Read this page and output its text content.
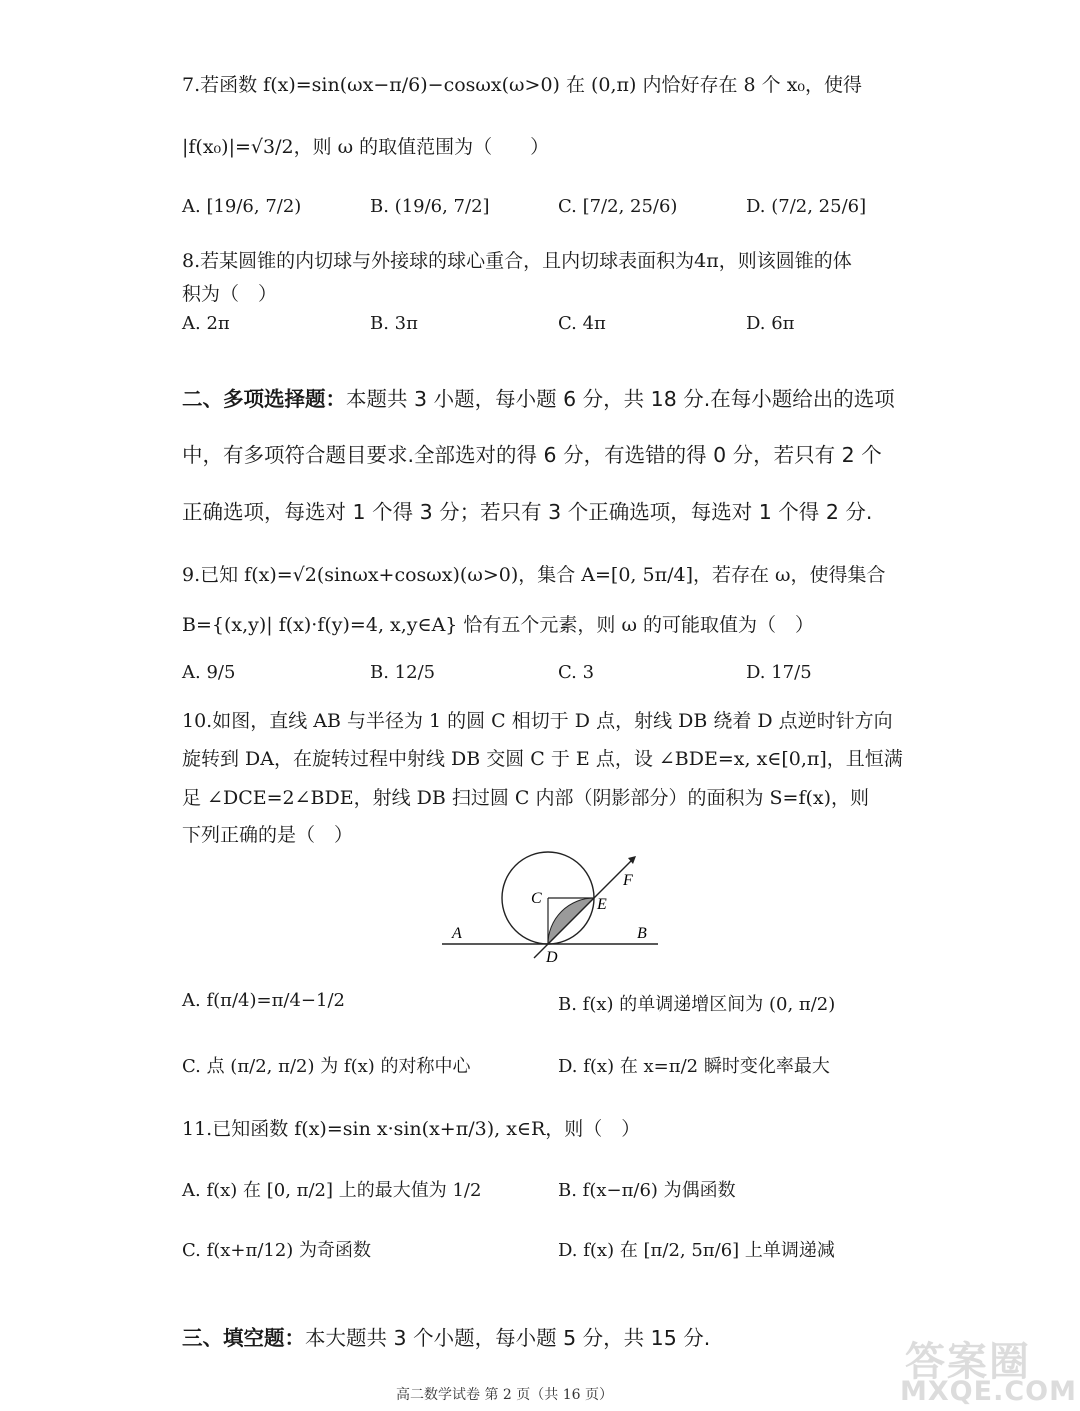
7.若函数 f(x)=sin(ωx−π/6)−cosωx(ω>0) 在 (0,π) 内恰好存在 8 个 x₀，使得
|f(x₀)|=√3/2，则 ω 的取值范围为（　　）
A. [19/6, 7/2)	B. (19/6, 7/2]	C. [7/2, 25/6)	D. (7/2, 25/6]
8.若某圆锥的内切球与外接球的球心重合，且内切球表面积为4π，则该圆锥的体
积为（　）
A. 2π	B. 3π	C. 4π	D. 6π
二、多项选择题：本题共 3 小题，每小题 6 分，共 18 分.在每小题给出的选项
中，有多项符合题目要求.全部选对的得 6 分，有选错的得 0 分，若只有 2 个
正确选项，每选对 1 个得 3 分；若只有 3 个正确选项，每选对 1 个得 2 分.
9.已知 f(x)=√2(sinωx+cosωx)(ω>0)，集合 A=[0, 5π/4]，若存在 ω，使得集合
B={(x,y)| f(x)·f(y)=4, x,y∈A} 恰有五个元素，则 ω 的可能取值为（　）
A. 9/5	B. 12/5	C. 3	D. 17/5
10.如图，直线 AB 与半径为 1 的圆 C 相切于 D 点，射线 DB 绕着 D 点逆时针方向
旋转到 DA，在旋转过程中射线 DB 交圆 C 于 E 点，设 ∠BDE=x, x∈[0,π]，且恒满
足 ∠DCE=2∠BDE，射线 DB 扫过圆 C 内部（阴影部分）的面积为 S=f(x)，则
下列正确的是（　）
C	E
F
A	B
D
A. f(π/4)=π/4−1/2	B. f(x) 的单调递增区间为 (0, π/2)
C. 点 (π/2, π/2) 为 f(x) 的对称中心	D. f(x) 在 x=π/2 瞬时变化率最大
11.已知函数 f(x)=sin x·sin(x+π/3), x∈R，则（　）
A. f(x) 在 [0, π/2] 上的最大值为 1/2	B. f(x−π/6) 为偶函数
C. f(x+π/12) 为奇函数	D. f(x) 在 [π/2, 5π/6] 上单调递减
三、填空题：本大题共 3 个小题，每小题 5 分，共 15 分.
答案圈
MXQE.COM
高二数学试卷 第 2 页（共 16 页）
